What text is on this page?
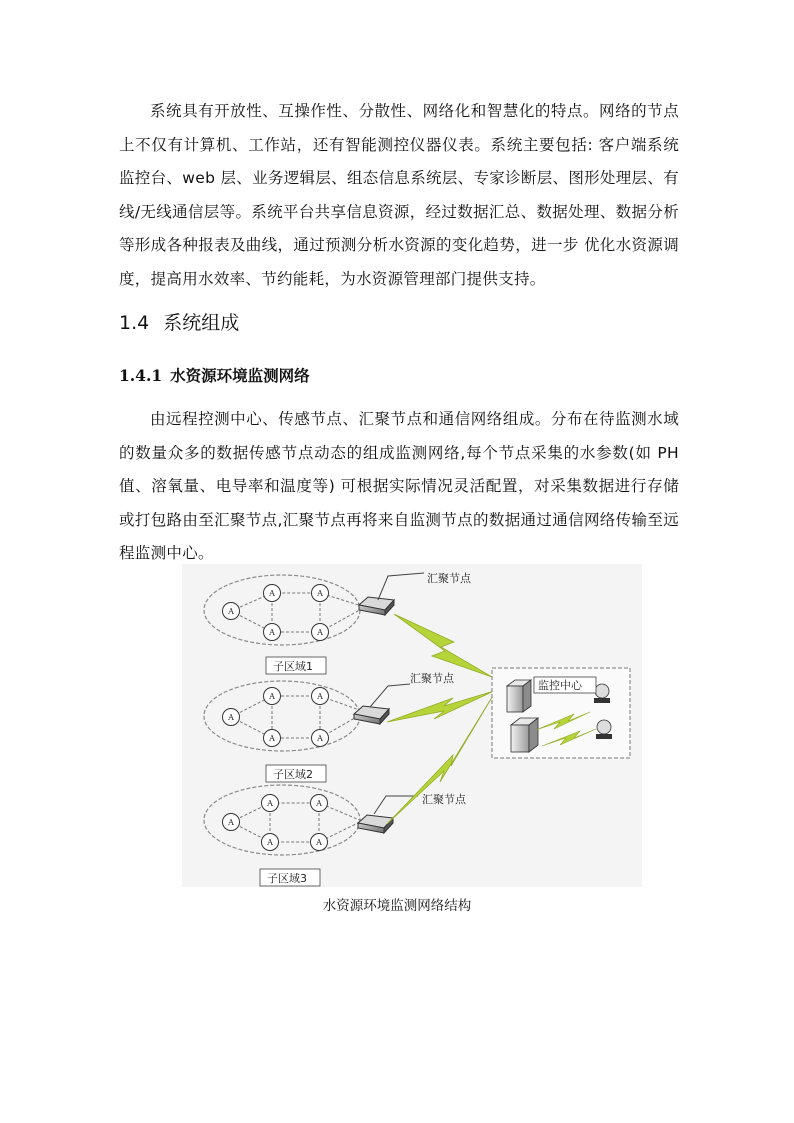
系统具有开放性、互操作性、分散性、网络化和智慧化的特点。网络的节点上不仅有计算机、工作站，还有智能测控仪器仪表。系统主要包括: 客户端系统监控台、web 层、业务逻辑层、组态信息系统层、专家诊断层、图形处理层、有线/无线通信层等。系统平台共享信息资源，经过数据汇总、数据处理、数据分析等形成各种报表及曲线，通过预测分析水资源的变化趋势，进一步 优化水资源调度，提高用水效率、节约能耗，为水资源管理部门提供支持。
1.4 系统组成
1.4.1 水资源环境监测网络
由远程控测中心、传感节点、汇聚节点和通信网络组成。分布在待监测水域的数量众多的数据传感节点动态的组成监测网络,每个节点采集的水参数(如 PH 值、溶氧量、电导率和温度等) 可根据实际情况灵活配置，对采集数据进行存储或打包路由至汇聚节点,汇聚节点再将来自监测节点的数据通过通信网络传输至远程监测中心。
A
A	A
A	A
A
A	A
A	A
A
A	A
A	A
汇聚节点
汇聚节点
汇聚节点
监控中心
子区域1
子区域2
子区域3
水资源环境监测网络结构
